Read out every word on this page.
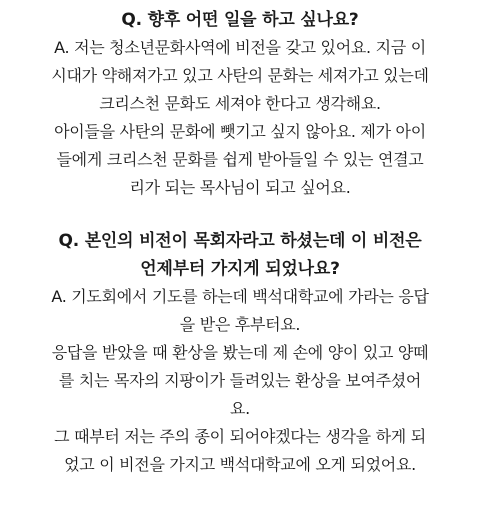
Q. 향후 어떤 일을 하고 싶나요?

A. 저는 청소년문화사역에 비전을 갖고 있어요. 지금 이
시대가 약해져가고 있고 사탄의 문화는 세져가고 있는데
크리스천 문화도 세져야 한다고 생각해요.
아이들을 사탄의 문화에 뺏기고 싶지 않아요. 제가 아이
들에게 크리스천 문화를 쉽게 받아들일 수 있는 연결고
리가 되는 목사님이 되고 싶어요.

Q. 본인의 비전이 목회자라고 하셨는데 이 비전은
언제부터 가지게 되었나요?

A. 기도회에서 기도를 하는데 백석대학교에 가라는 응답
을 받은 후부터요.
응답을 받았을 때 환상을 봤는데 제 손에 양이 있고 양떼
를 치는 목자의 지팡이가 들려있는 환상을 보여주셨어
요.
그 때부터 저는 주의 종이 되어야겠다는 생각을 하게 되
었고 이 비전을 가지고 백석대학교에 오게 되었어요.
